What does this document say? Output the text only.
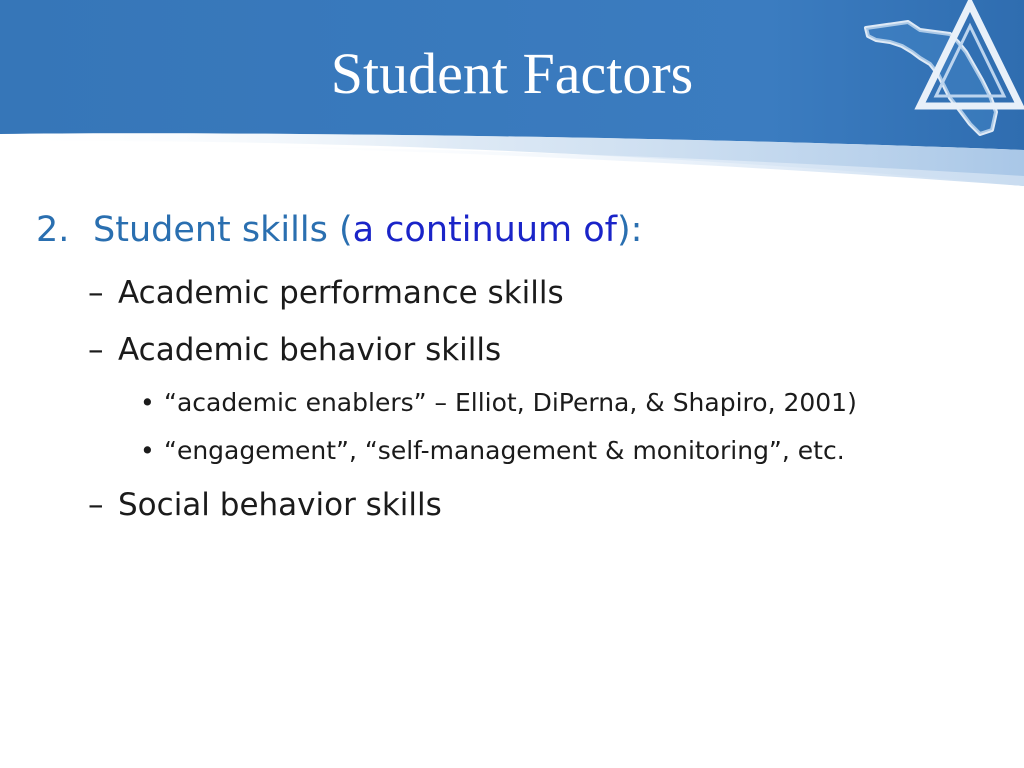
Student Factors
2. Student skills (a continuum of):
– Academic performance skills
– Academic behavior skills
• “academic enablers” – Elliot, DiPerna, & Shapiro, 2001)
• “engagement”, “self-management & monitoring”, etc.
– Social behavior skills
